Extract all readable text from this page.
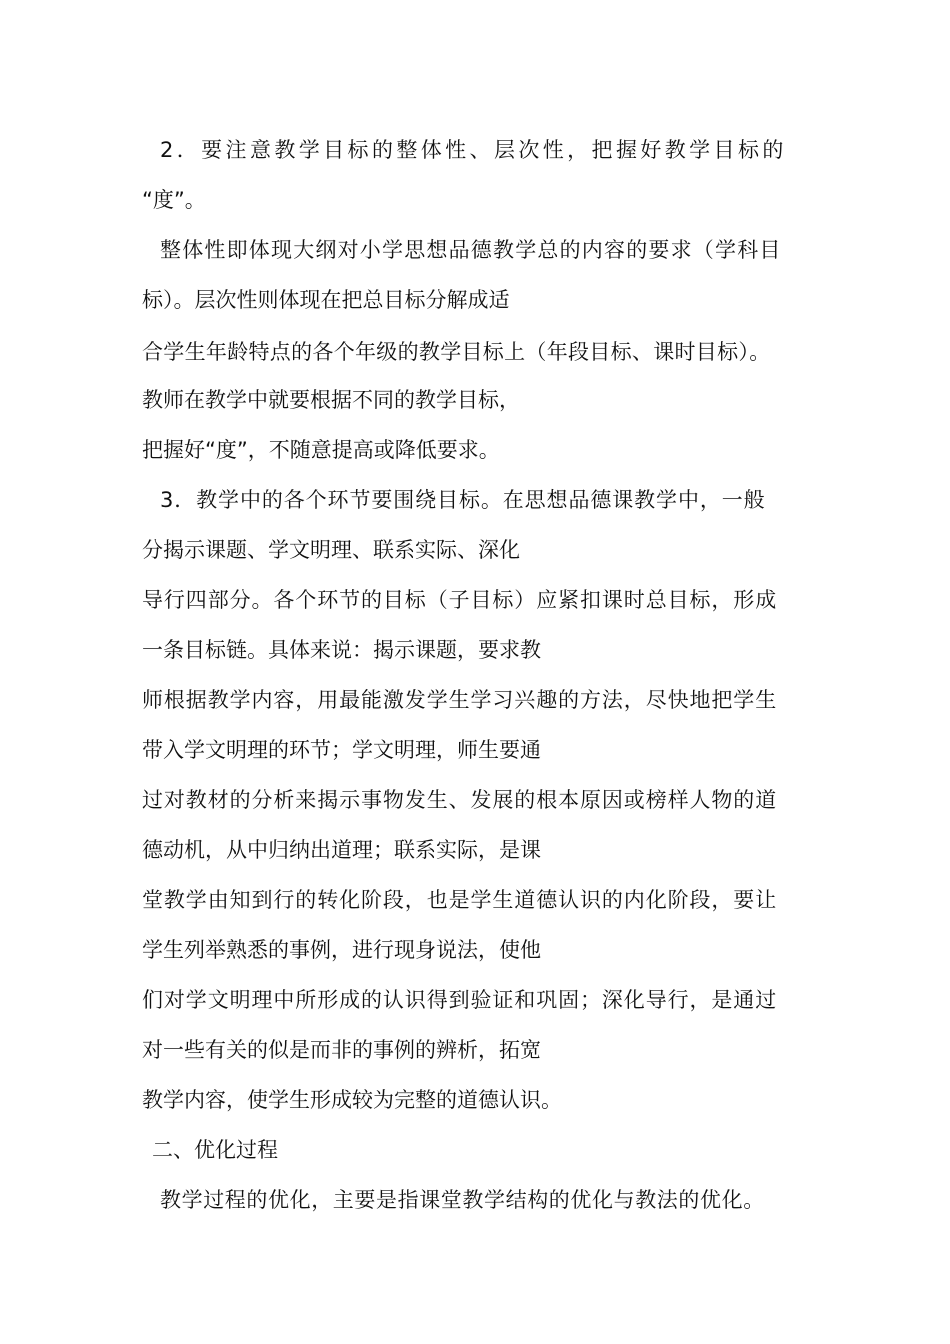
2．要注意教学目标的整体性、层次性，把握好教学目标的
“度”。
整体性即体现大纲对小学思想品德教学总的内容的要求（学科目
标）。层次性则体现在把总目标分解成适
合学生年龄特点的各个年级的教学目标上（年段目标、课时目标）。
教师在教学中就要根据不同的教学目标，
把握好“度”，不随意提高或降低要求。
3．教学中的各个环节要围绕目标。在思想品德课教学中，一般
分揭示课题、学文明理、联系实际、深化
导行四部分。各个环节的目标（子目标）应紧扣课时总目标，形成
一条目标链。具体来说：揭示课题，要求教
师根据教学内容，用最能激发学生学习兴趣的方法，尽快地把学生
带入学文明理的环节；学文明理，师生要通
过对教材的分析来揭示事物发生、发展的根本原因或榜样人物的道
德动机，从中归纳出道理；联系实际，是课
堂教学由知到行的转化阶段，也是学生道德认识的内化阶段，要让
学生列举熟悉的事例，进行现身说法，使他
们对学文明理中所形成的认识得到验证和巩固；深化导行，是通过
对一些有关的似是而非的事例的辨析，拓宽
教学内容，使学生形成较为完整的道德认识。
二、优化过程
教学过程的优化，主要是指课堂教学结构的优化与教法的优化。
